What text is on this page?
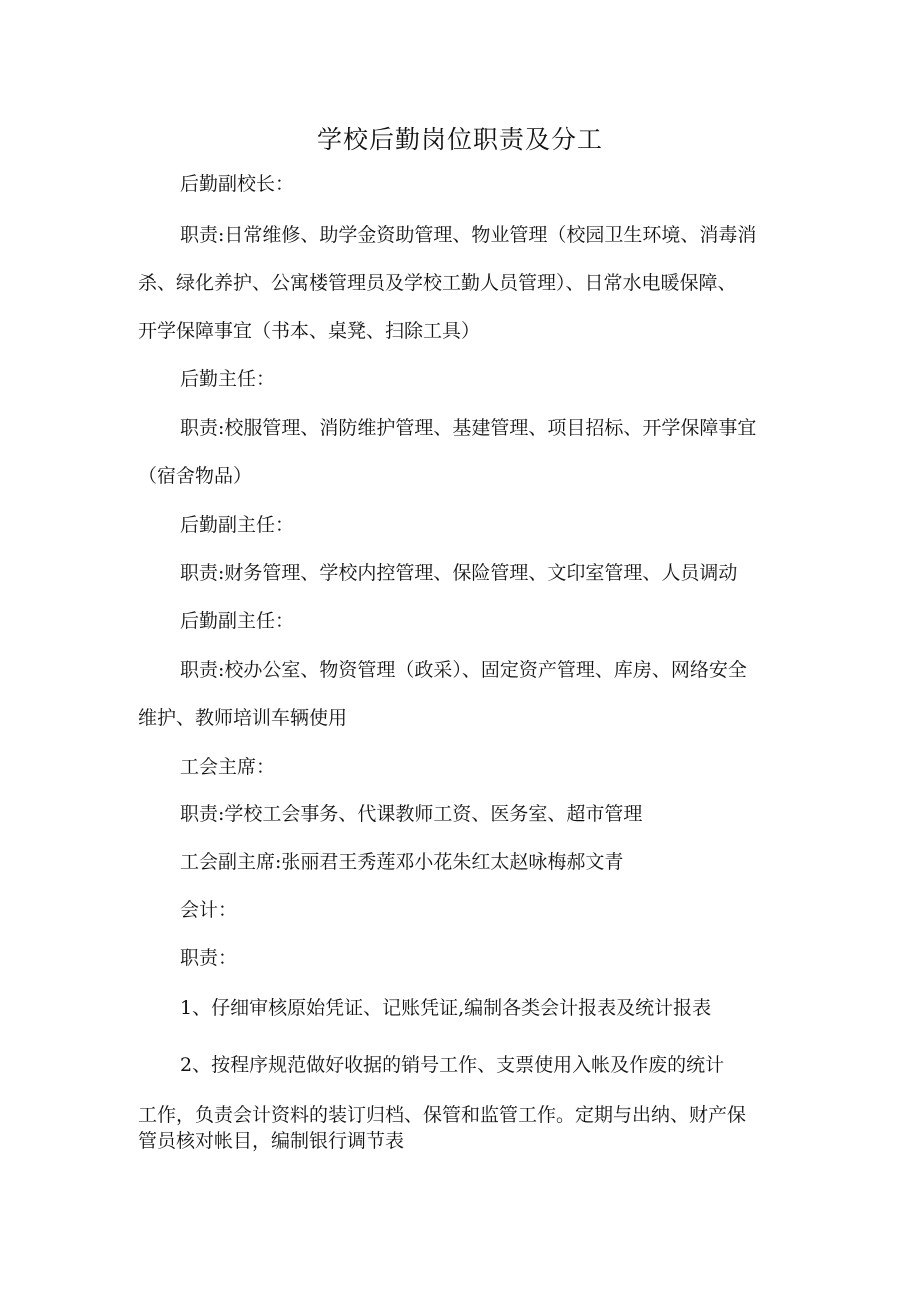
学校后勤岗位职责及分工
后勤副校长：
职责:日常维修、助学金资助管理、物业管理（校园卫生环境、消毒消
杀、绿化养护、公寓楼管理员及学校工勤人员管理）、日常水电暖保障、
开学保障事宜（书本、桌凳、扫除工具）
后勤主任：
职责:校服管理、消防维护管理、基建管理、项目招标、开学保障事宜
（宿舍物品）
后勤副主任：
职责:财务管理、学校内控管理、保险管理、文印室管理、人员调动
后勤副主任：
职责:校办公室、物资管理（政采）、固定资产管理、库房、网络安全
维护、教师培训车辆使用
工会主席：
职责:学校工会事务、代课教师工资、医务室、超市管理
工会副主席:张丽君王秀莲邓小花朱红太赵咏梅郝文青
会计：
职责：
1、仔细审核原始凭证、记账凭证,编制各类会计报表及统计报表
2、按程序规范做好收据的销号工作、支票使用入帐及作废的统计
工作，负责会计资料的装订归档、保管和监管工作。定期与出纳、财产保
管员核对帐目，编制银行调节表
